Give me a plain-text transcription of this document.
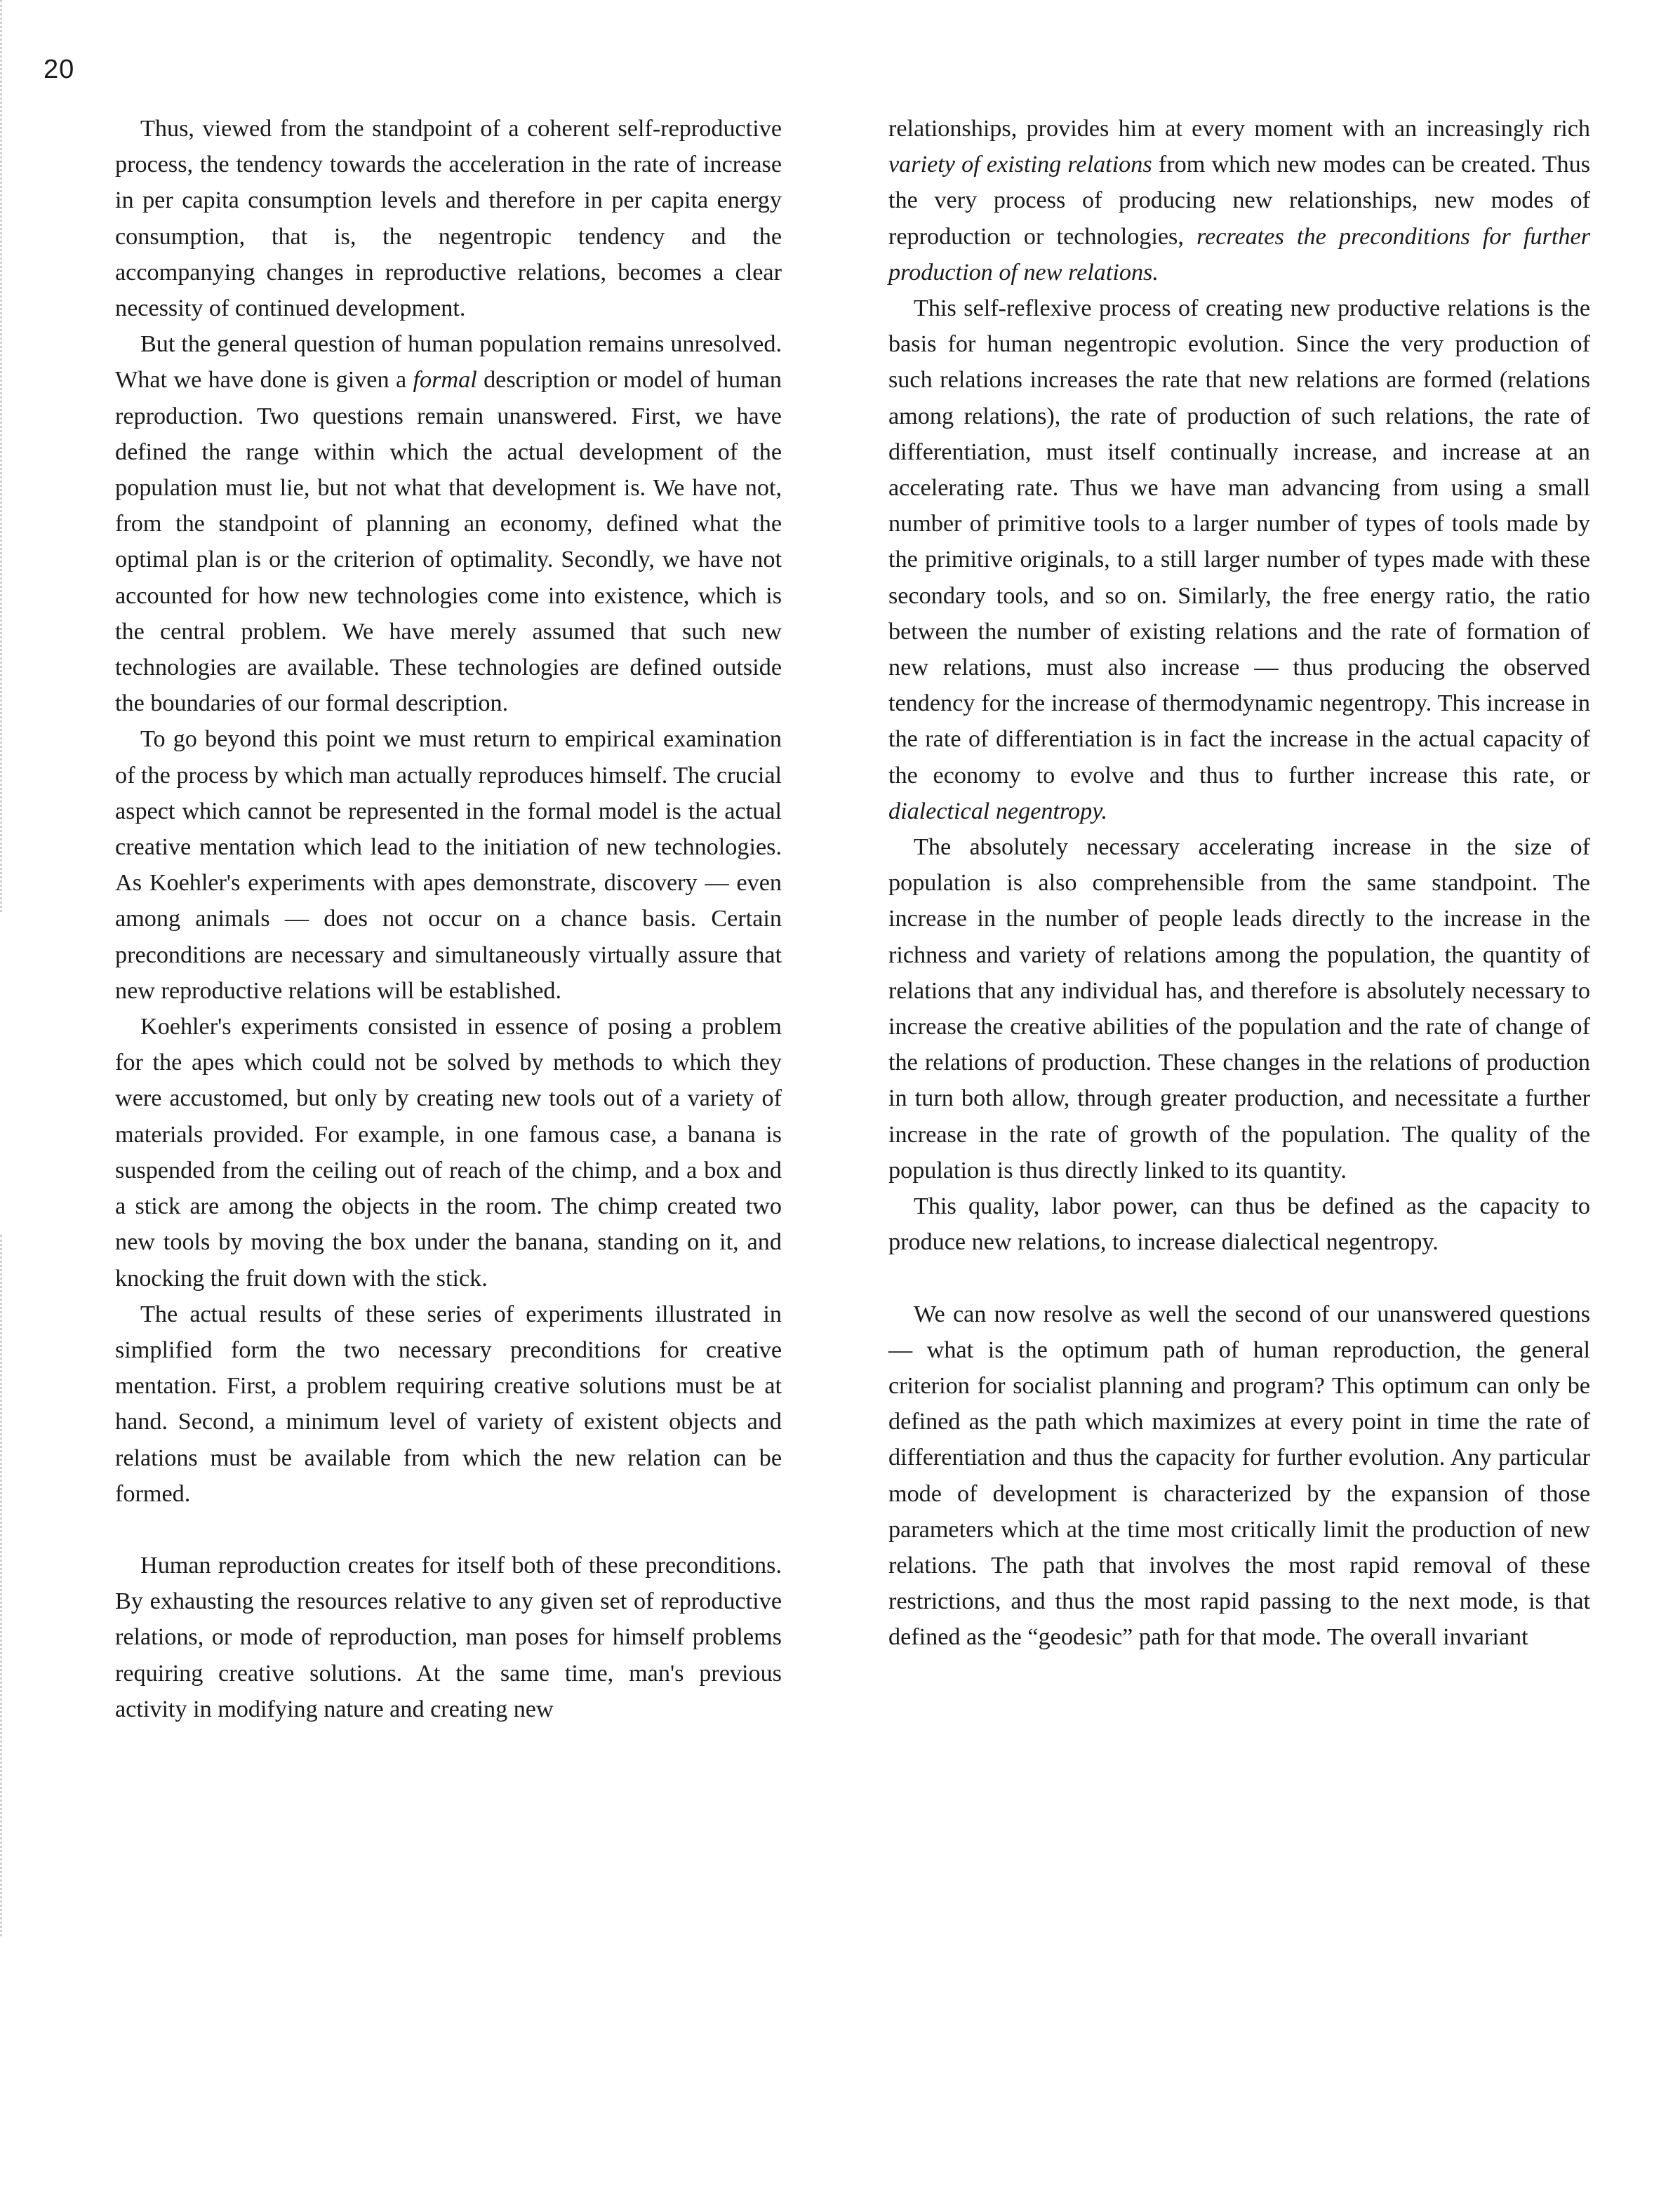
20

Thus, viewed from the standpoint of a coherent self-reproductive process, the tendency towards the acceleration in the rate of increase in per capita consumption levels and therefore in per capita energy consumption, that is, the negentropic tendency and the accompanying changes in reproductive relations, becomes a clear necessity of continued development.

But the general question of human population remains unresolved. What we have done is given a formal description or model of human reproduction. Two questions remain unanswered. First, we have defined the range within which the actual development of the population must lie, but not what that development is. We have not, from the standpoint of planning an economy, defined what the optimal plan is or the criterion of optimality. Secondly, we have not accounted for how new technologies come into existence, which is the central problem. We have merely assumed that such new technologies are available. These technologies are defined outside the boundaries of our formal description.

To go beyond this point we must return to empirical examination of the process by which man actually reproduces himself. The crucial aspect which cannot be represented in the formal model is the actual creative mentation which lead to the initiation of new technologies. As Koehler's experiments with apes demonstrate, discovery — even among animals — does not occur on a chance basis. Certain preconditions are necessary and simultaneously virtually assure that new reproductive relations will be established.

Koehler's experiments consisted in essence of posing a problem for the apes which could not be solved by methods to which they were accustomed, but only by creating new tools out of a variety of materials provided. For example, in one famous case, a banana is suspended from the ceiling out of reach of the chimp, and a box and a stick are among the objects in the room. The chimp created two new tools by moving the box under the banana, standing on it, and knocking the fruit down with the stick.

The actual results of these series of experiments illustrated in simplified form the two necessary preconditions for creative mentation. First, a problem requiring creative solutions must be at hand. Second, a minimum level of variety of existent objects and relations must be available from which the new relation can be formed.

Human reproduction creates for itself both of these preconditions. By exhausting the resources relative to any given set of reproductive relations, or mode of reproduction, man poses for himself problems requiring creative solutions. At the same time, man's previous activity in modifying nature and creating new

relationships, provides him at every moment with an increasingly rich variety of existing relations from which new modes can be created. Thus the very process of producing new relationships, new modes of reproduction or technologies, recreates the preconditions for further production of new relations.

This self-reflexive process of creating new productive relations is the basis for human negentropic evolution. Since the very production of such relations increases the rate that new relations are formed (relations among relations), the rate of production of such relations, the rate of differentiation, must itself continually increase, and increase at an accelerating rate. Thus we have man advancing from using a small number of primitive tools to a larger number of types of tools made by the primitive originals, to a still larger number of types made with these secondary tools, and so on. Similarly, the free energy ratio, the ratio between the number of existing relations and the rate of formation of new relations, must also increase — thus producing the observed tendency for the increase of thermodynamic negentropy. This increase in the rate of differentiation is in fact the increase in the actual capacity of the economy to evolve and thus to further increase this rate, or dialectical negentropy.

The absolutely necessary accelerating increase in the size of population is also comprehensible from the same standpoint. The increase in the number of people leads directly to the increase in the richness and variety of relations among the population, the quantity of relations that any individual has, and therefore is absolutely necessary to increase the creative abilities of the population and the rate of change of the relations of production. These changes in the relations of production in turn both allow, through greater production, and necessitate a further increase in the rate of growth of the population. The quality of the population is thus directly linked to its quantity.

This quality, labor power, can thus be defined as the capacity to produce new relations, to increase dialectical negentropy.

We can now resolve as well the second of our unanswered questions — what is the optimum path of human reproduction, the general criterion for socialist planning and program? This optimum can only be defined as the path which maximizes at every point in time the rate of differentiation and thus the capacity for further evolution. Any particular mode of development is characterized by the expansion of those parameters which at the time most critically limit the production of new relations. The path that involves the most rapid removal of these restrictions, and thus the most rapid passing to the next mode, is that defined as the “geodesic” path for that mode. The overall invariant
